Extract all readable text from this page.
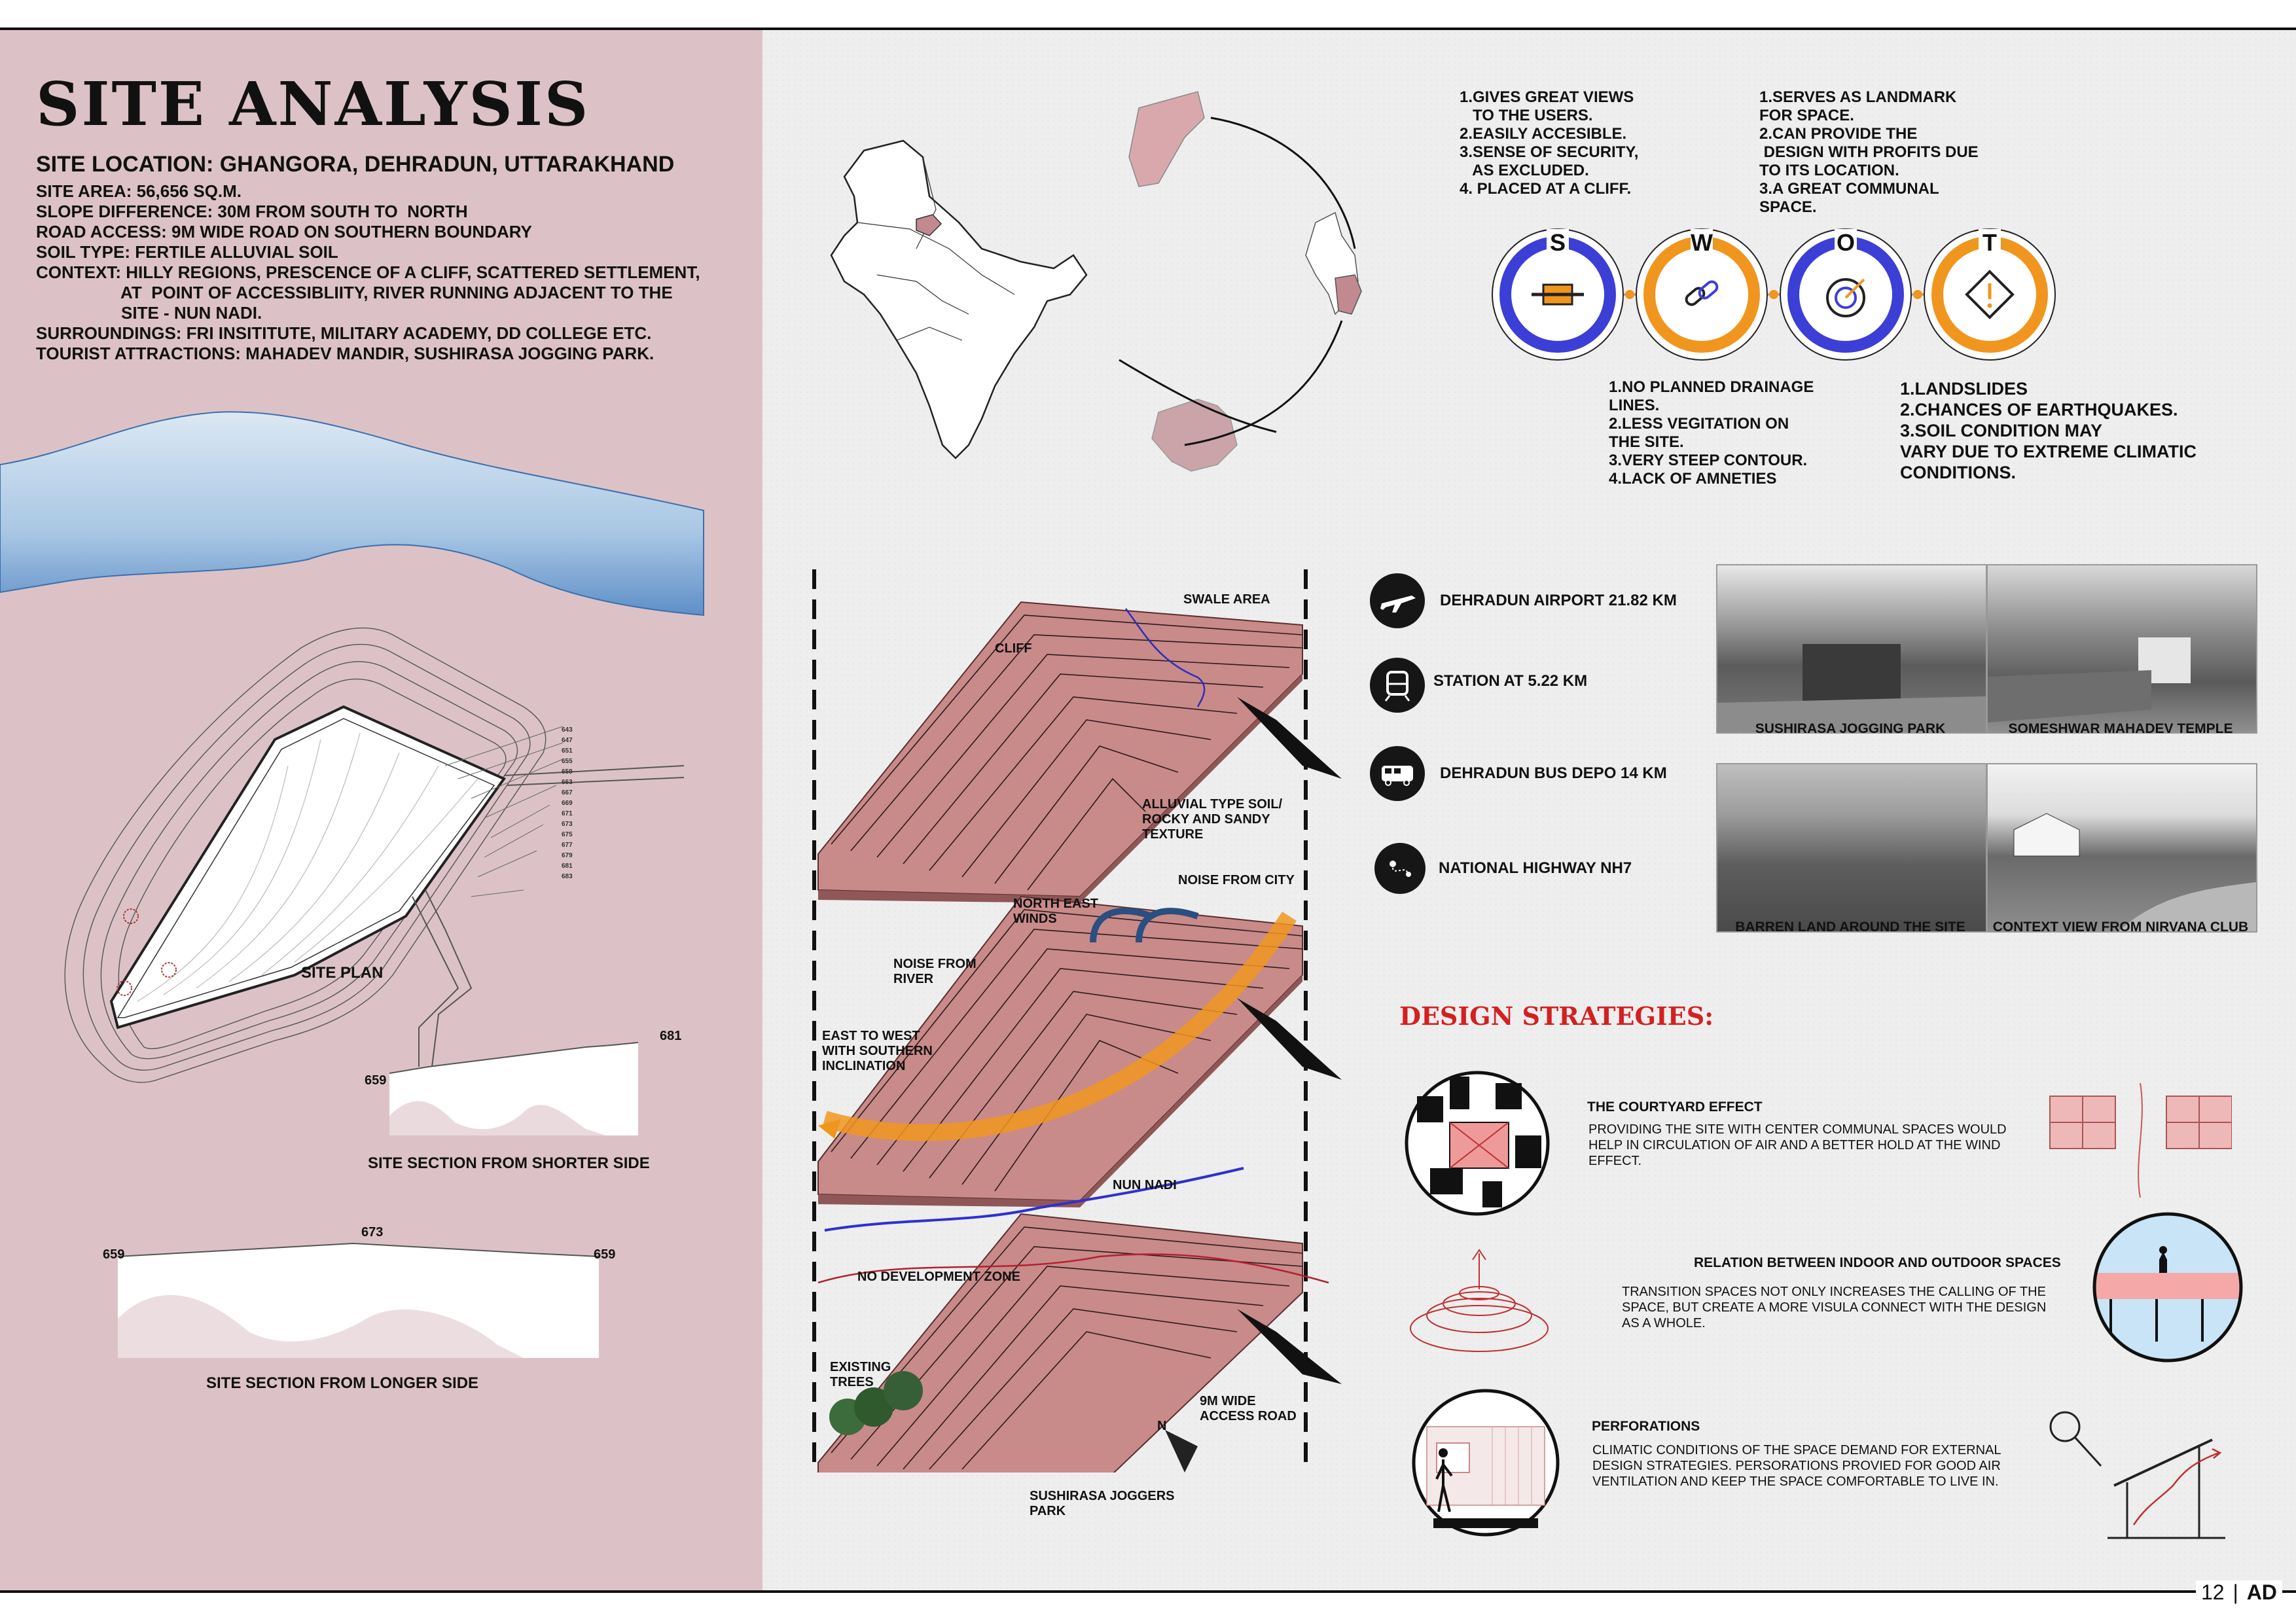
SITE ANALYSIS
SITE LOCATION: GHANGORA, DEHRADUN, UTTARAKHAND
SITE AREA: 56,656 SQ.M.
SLOPE DIFFERENCE: 30M FROM SOUTH TO  NORTH
ROAD ACCESS: 9M WIDE ROAD ON SOUTHERN BOUNDARY
SOIL TYPE: FERTILE ALLUVIAL SOIL
CONTEXT: HILLY REGIONS, PRESCENCE OF A CLIFF, SCATTERED SETTLEMENT,
AT  POINT OF ACCESSIBLIITY, RIVER RUNNING ADJACENT TO THE
SITE - NUN NADI.
SURROUNDINGS: FRI INSITITUTE, MILITARY ACADEMY, DD COLLEGE ETC.
TOURIST ATTRACTIONS: MAHADEV MANDIR, SUSHIRASA JOGGING PARK.
643
647
651
655
659
663
667
669
671
673
675
677
679
681
683
SITE PLAN
659
681
SITE SECTION FROM SHORTER SIDE
659
673
659
SITE SECTION FROM LONGER SIDE
1.GIVES GREAT VIEWS
TO THE USERS.
2.EASILY ACCESIBLE.
3.SENSE OF SECURITY,
AS EXCLUDED.
4. PLACED AT A CLIFF.
1.SERVES AS LANDMARK
FOR SPACE.
2.CAN PROVIDE THE
DESIGN WITH PROFITS DUE
TO ITS LOCATION.
3.A GREAT COMMUNAL
SPACE.
1.NO PLANNED DRAINAGE
LINES.
2.LESS VEGITATION ON
THE SITE.
3.VERY STEEP CONTOUR.
4.LACK OF AMNETIES
1.LANDSLIDES
2.CHANCES OF EARTHQUAKES.
3.SOIL CONDITION MAY
VARY DUE TO EXTREME CLIMATIC
CONDITIONS.
S	W	O	T
SWALE AREA
CLIFF
ALLUVIAL TYPE SOIL/
ROCKY AND SANDY
TEXTURE
NORTH EAST
WINDS
NOISE FROM CITY
NOISE FROM
RIVER
EAST TO WEST
WITH SOUTHERN
INCLINATION
NUN NADI
NO DEVELOPMENT ZONE
EXISTING
TREES
9M WIDE
ACCESS ROAD
SUSHIRASA JOGGERS
PARK
N
DEHRADUN AIRPORT 21.82 KM
STATION AT 5.22 KM
DEHRADUN BUS DEPO 14 KM
NATIONAL HIGHWAY NH7
SUSHIRASA JOGGING PARK	SOMESHWAR MAHADEV TEMPLE
BARREN LAND AROUND THE SITE	CONTEXT VIEW FROM NIRVANA CLUB
DESIGN STRATEGIES:
THE COURTYARD EFFECT
PROVIDING THE SITE WITH CENTER COMMUNAL SPACES WOULD
HELP IN CIRCULATION OF AIR AND A BETTER HOLD AT THE WIND
EFFECT.
RELATION BETWEEN INDOOR AND OUTDOOR SPACES
TRANSITION SPACES NOT ONLY INCREASES THE CALLING OF THE
SPACE, BUT CREATE A MORE VISULA CONNECT WITH THE DESIGN
AS A WHOLE.
PERFORATIONS
CLIMATIC CONDITIONS OF THE SPACE DEMAND FOR EXTERNAL
DESIGN STRATEGIES. PERSORATIONS PROVIED FOR GOOD AIR
VENTILATION AND KEEP THE SPACE COMFORTABLE TO LIVE IN.
12 | AD
